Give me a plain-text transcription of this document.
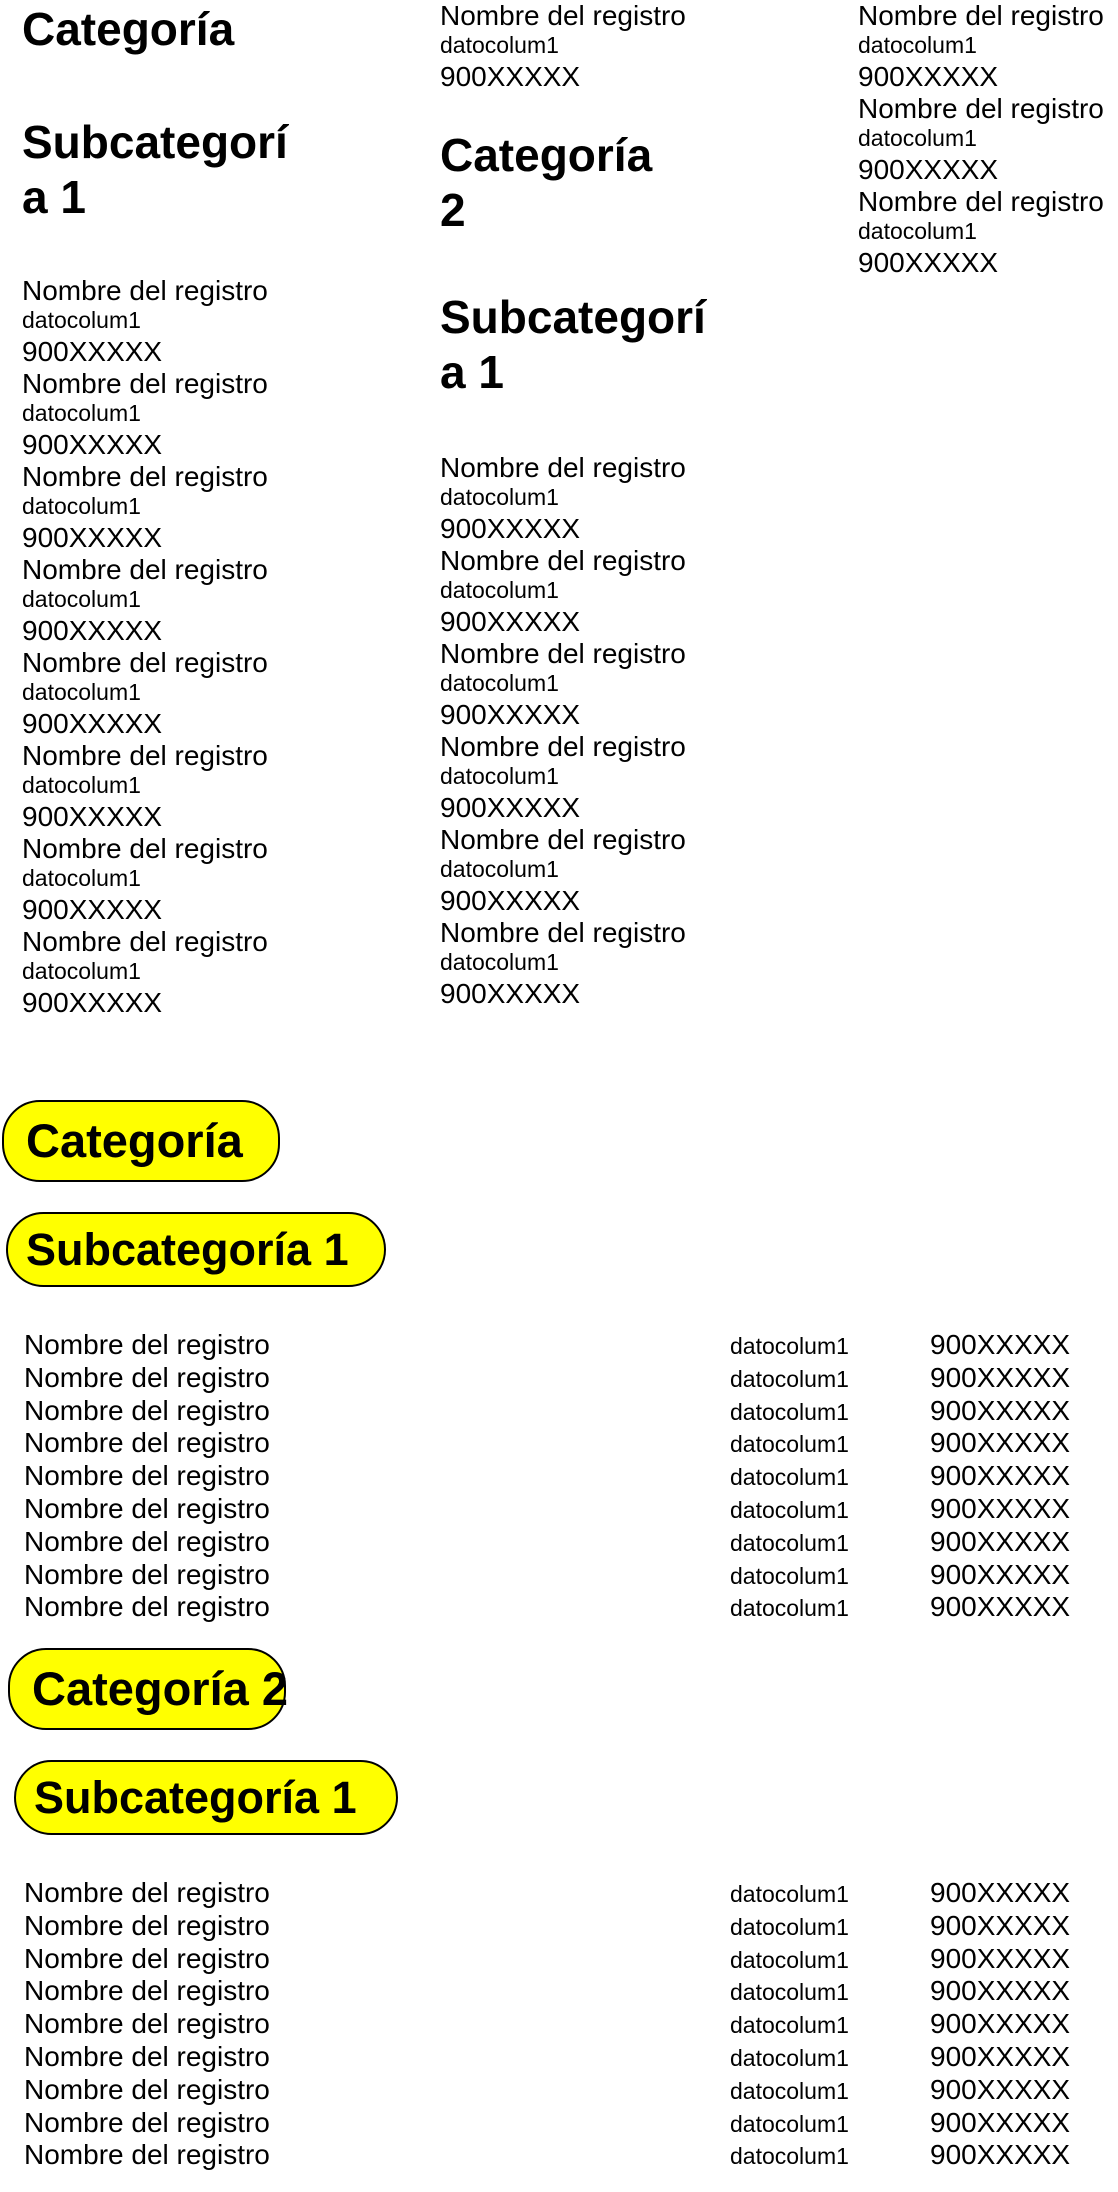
Categoría
Subcategorí
a 1
Nombre del registro
datocolum1
900XXXXX
Nombre del registro
datocolum1
900XXXXX
Nombre del registro
datocolum1
900XXXXX
Nombre del registro
datocolum1
900XXXXX
Nombre del registro
datocolum1
900XXXXX
Nombre del registro
datocolum1
900XXXXX
Nombre del registro
datocolum1
900XXXXX
Nombre del registro
datocolum1
900XXXXX
Nombre del registro
datocolum1
900XXXXX
Categoría
2
Subcategorí
a 1
Nombre del registro
datocolum1
900XXXXX
Nombre del registro
datocolum1
900XXXXX
Nombre del registro
datocolum1
900XXXXX
Nombre del registro
datocolum1
900XXXXX
Nombre del registro
datocolum1
900XXXXX
Nombre del registro
datocolum1
900XXXXX
Nombre del registro
datocolum1
900XXXXX
Nombre del registro
datocolum1
900XXXXX
Nombre del registro
datocolum1
900XXXXX
Categoría
Subcategoría 1
Nombre del registro	datocolum1	900XXXXX
Nombre del registro	datocolum1	900XXXXX
Nombre del registro	datocolum1	900XXXXX
Nombre del registro	datocolum1	900XXXXX
Nombre del registro	datocolum1	900XXXXX
Nombre del registro	datocolum1	900XXXXX
Nombre del registro	datocolum1	900XXXXX
Nombre del registro	datocolum1	900XXXXX
Nombre del registro	datocolum1	900XXXXX
Categoría 2
Subcategoría 1
Nombre del registro	datocolum1	900XXXXX
Nombre del registro	datocolum1	900XXXXX
Nombre del registro	datocolum1	900XXXXX
Nombre del registro	datocolum1	900XXXXX
Nombre del registro	datocolum1	900XXXXX
Nombre del registro	datocolum1	900XXXXX
Nombre del registro	datocolum1	900XXXXX
Nombre del registro	datocolum1	900XXXXX
Nombre del registro	datocolum1	900XXXXX
